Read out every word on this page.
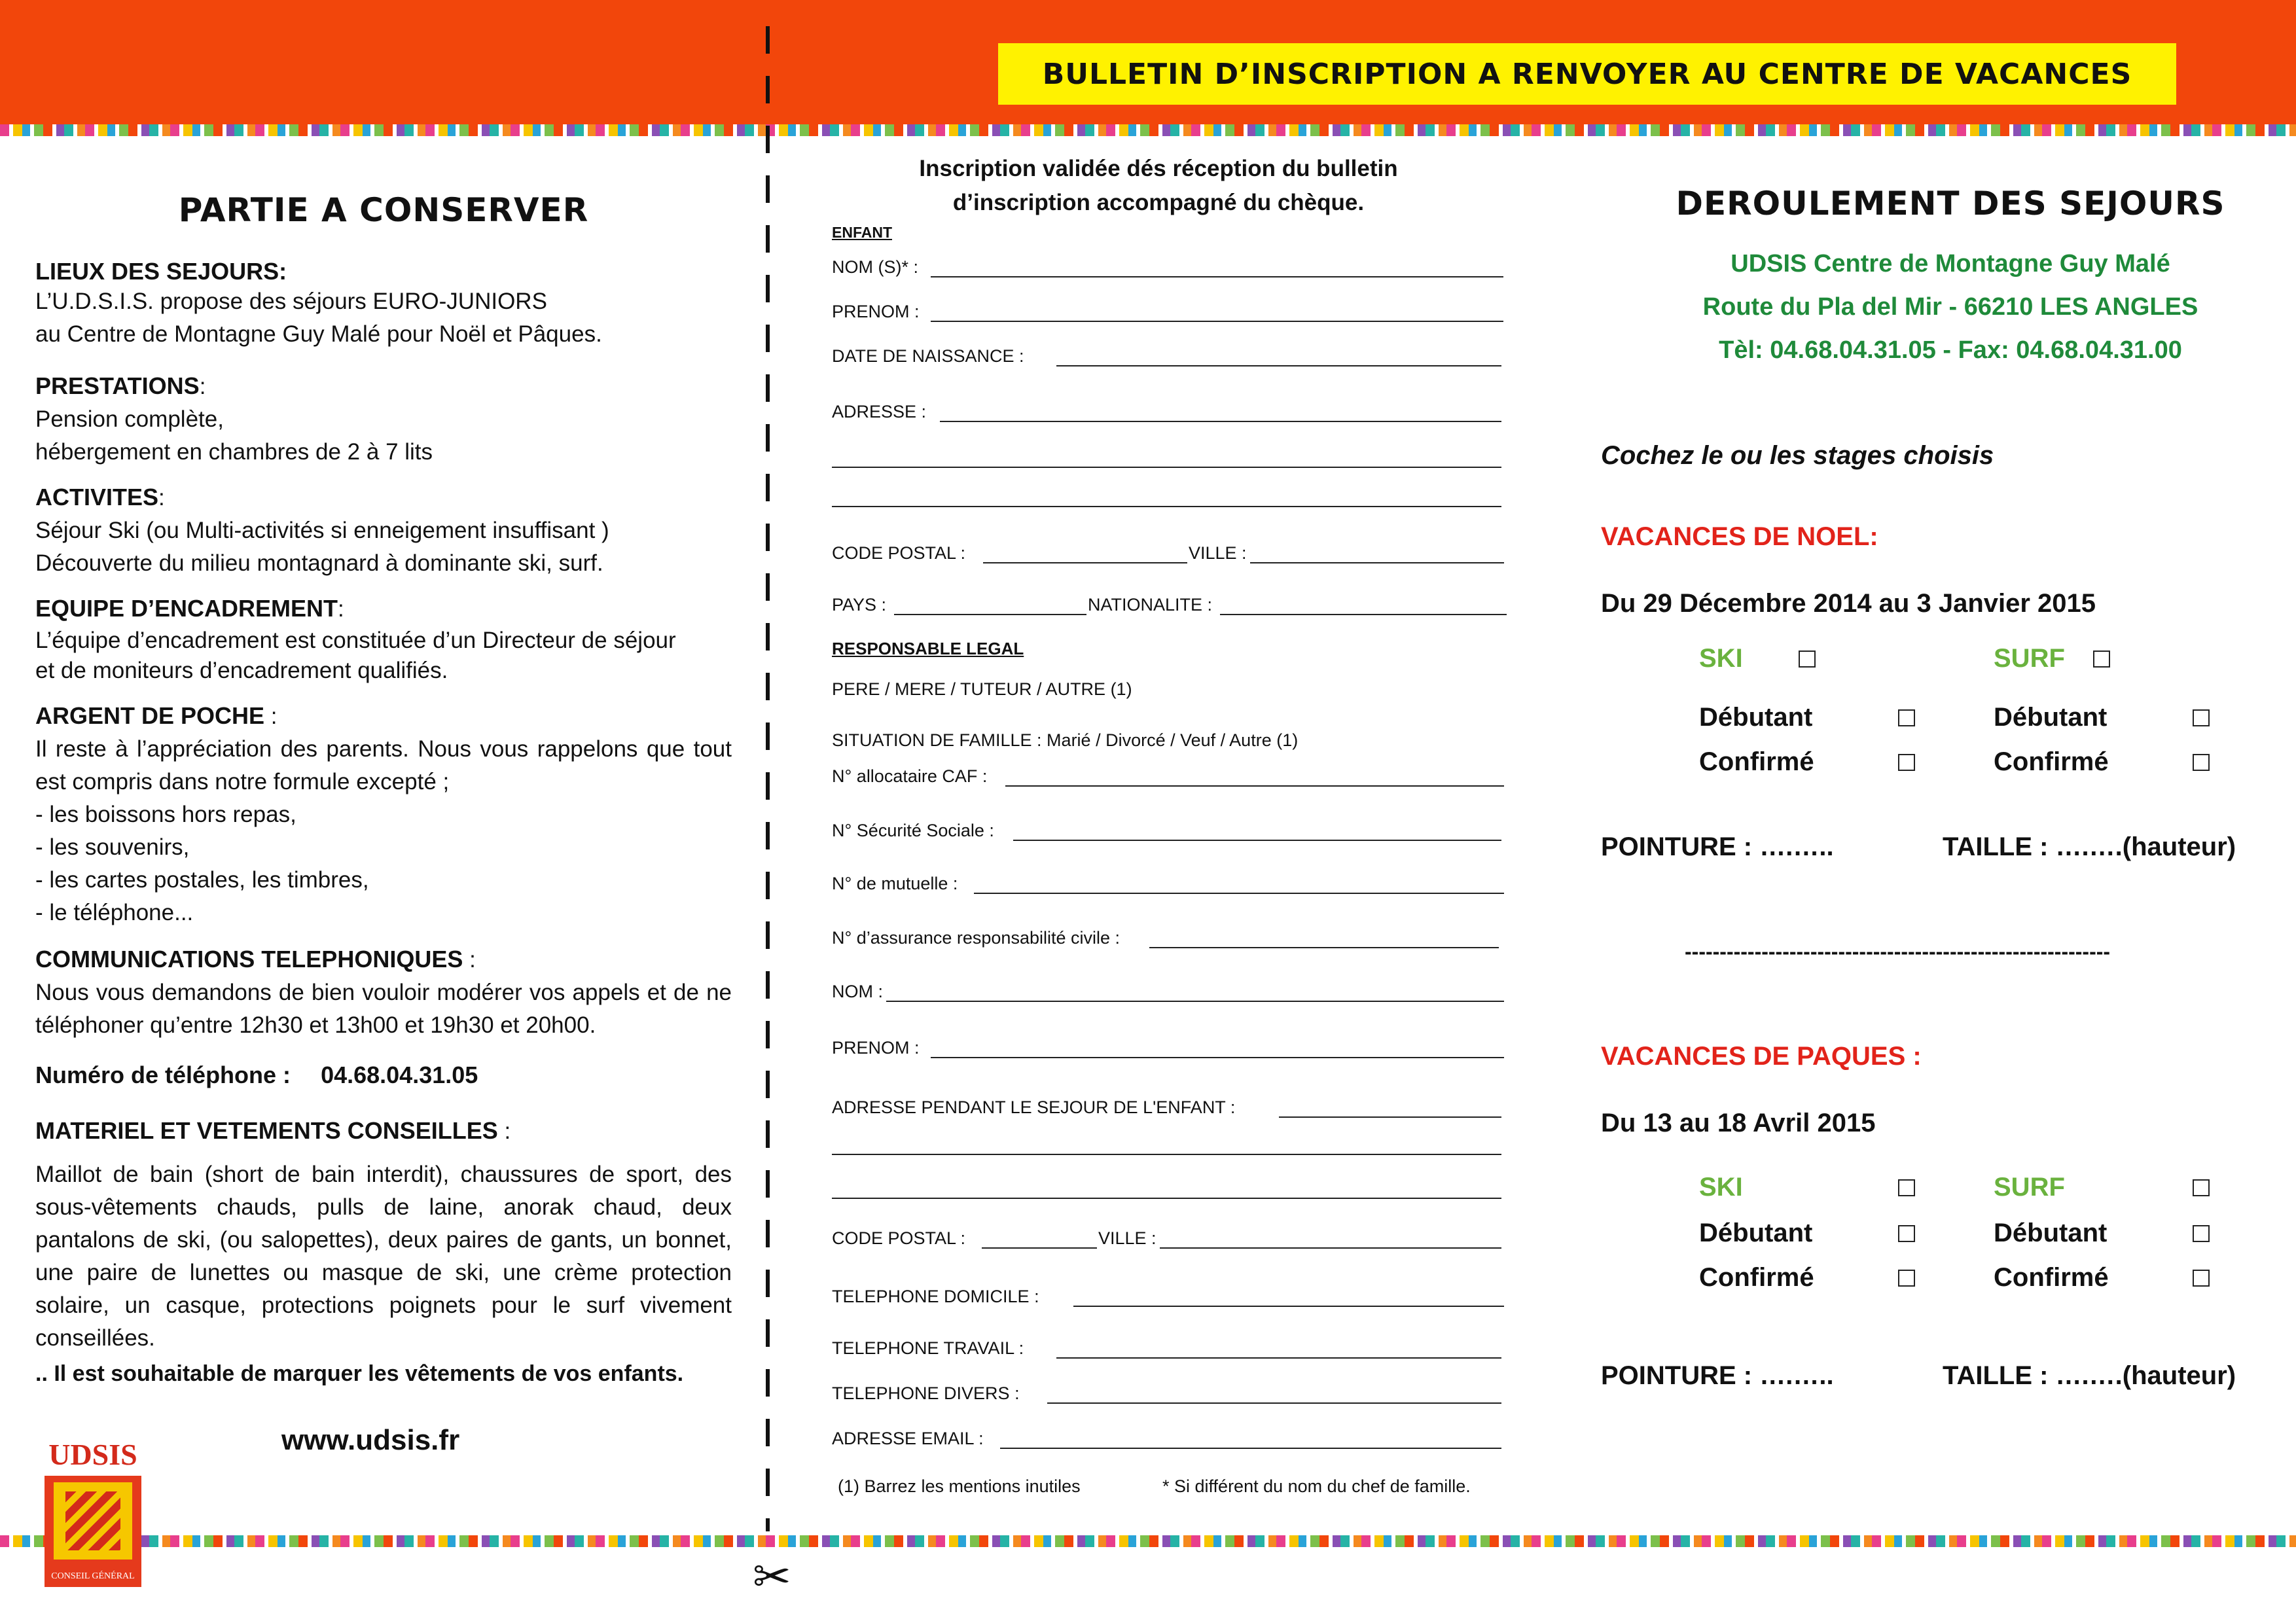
BULLETIN D’INSCRIPTION A RENVOYER AU CENTRE DE VACANCES
✂
PARTIE A CONSERVER
LIEUX DES SEJOURS:
L’U.D.S.I.S. propose des séjours EURO-JUNIORS
au Centre de Montagne Guy Malé pour Noël et Pâques.
PRESTATIONS:
Pension complète,
hébergement en chambres de 2 à 7 lits
ACTIVITES:
Séjour Ski (ou Multi-activités si enneigement insuffisant )
Découverte du milieu montagnard à dominante ski, surf.
EQUIPE D’ENCADREMENT:
L’équipe d’encadrement est constituée d’un Directeur de séjour
et de moniteurs d’encadrement qualifiés.
ARGENT DE POCHE :
Il reste à l’appréciation des parents. Nous vous rappelons que tout est compris dans notre formule excepté ;
- les boissons hors repas,
- les souvenirs,
- les cartes postales, les timbres,
- le téléphone...
COMMUNICATIONS TELEPHONIQUES :
Nous vous demandons de bien vouloir modérer vos appels et de ne téléphoner qu’entre 12h30 et 13h00 et 19h30 et 20h00.
Numéro de téléphone : 04.68.04.31.05
MATERIEL ET VETEMENTS CONSEILLES :
Maillot de bain (short de bain interdit), chaussures de sport, des sous-vêtements chauds, pulls de laine, anorak chaud, deux pantalons de ski, (ou salopettes), deux paires de gants, un bonnet, une paire de lunettes ou masque de ski, une crème protection solaire, un casque, protections poignets pour le surf vivement conseillées.
.. Il est souhaitable de marquer les vêtements de vos enfants.
www.udsis.fr
UDSIS
CONSEIL GÉNÉRAL
Inscription validée dés réception du bulletin
d’inscription accompagné du chèque.
ENFANT
NOM (S)* :
PRENOM :
DATE DE NAISSANCE :
ADRESSE :
CODE POSTAL :	VILLE :
PAYS :	NATIONALITE :
RESPONSABLE LEGAL
PERE / MERE / TUTEUR / AUTRE (1)
SITUATION DE FAMILLE : Marié / Divorcé / Veuf / Autre (1)
N° allocataire CAF :
N° Sécurité Sociale :
N° de mutuelle :
N° d’assurance responsabilité civile :
NOM :
PRENOM :
ADRESSE PENDANT LE SEJOUR DE L'ENFANT :
CODE POSTAL :	VILLE :
TELEPHONE DOMICILE :
TELEPHONE TRAVAIL :
TELEPHONE DIVERS :
ADRESSE EMAIL :
(1) Barrez les mentions inutiles	* Si différent du nom du chef de famille.
DEROULEMENT DES SEJOURS
UDSIS Centre de Montagne Guy Malé
Route du Pla del Mir - 66210 LES ANGLES
Tèl: 04.68.04.31.05 - Fax: 04.68.04.31.00
Cochez le ou les stages choisis
VACANCES DE NOEL:
Du 29 Décembre 2014 au 3 Janvier 2015
SKI	SURF
Débutant	Débutant
Confirmé	Confirmé
POINTURE : ….…..	TAILLE : ….….(hauteur)
-------------------------------------------------------------
VACANCES DE PAQUES :
Du 13 au 18 Avril 2015
SKI	SURF
Débutant	Débutant
Confirmé	Confirmé
POINTURE : ….…..	TAILLE : ….….(hauteur)
